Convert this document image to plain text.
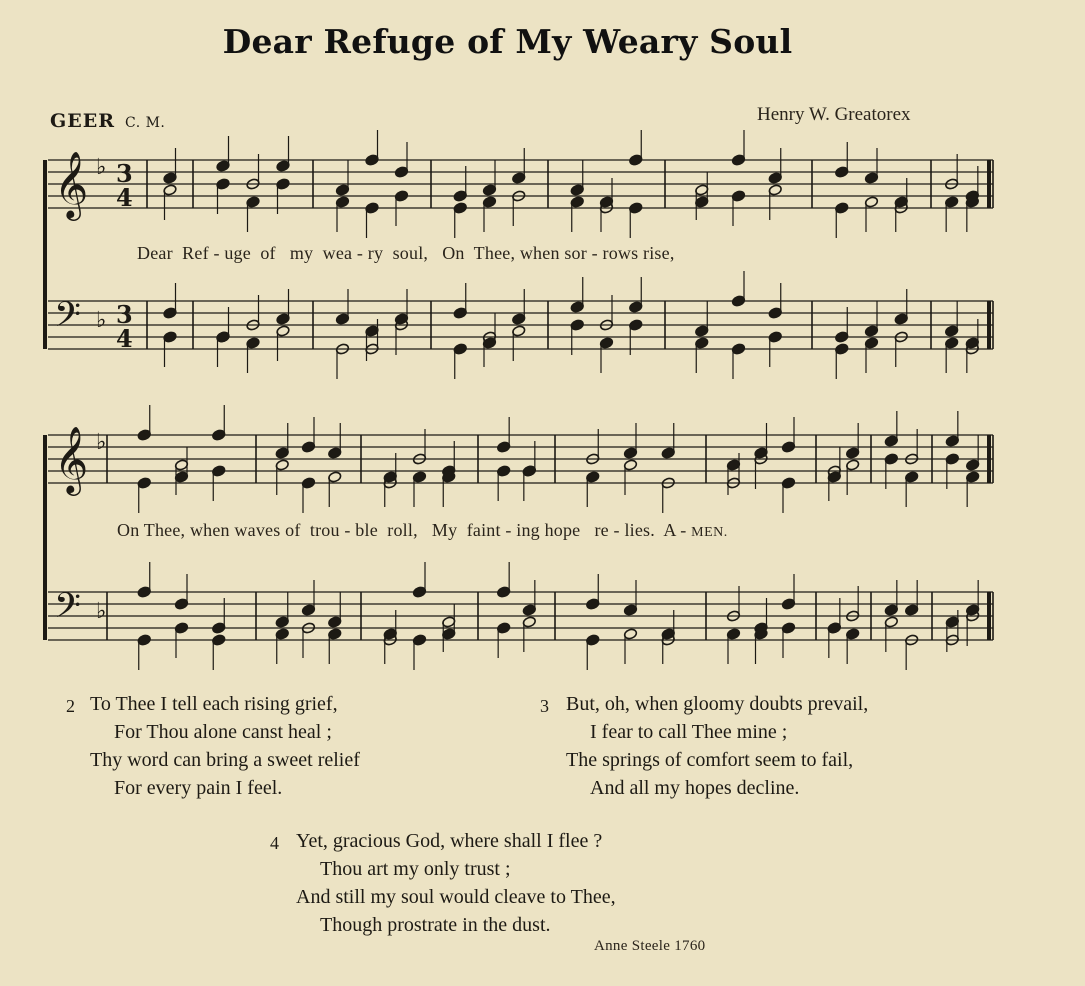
Dear Refuge of My Weary Soul
GEER C. M.	Henry W. Greatorex
𝄞 ♭ 3
4
𝄢 ♭ 3
4
𝄞 ♭
𝄢 ♭
Dear  Ref - uge  of   my  wea - ry  soul,   On  Thee, when sor - rows rise,
On Thee, when waves of  trou - ble  roll,   My  faint - ing hope   re - lies.  A - MEN.
2 To Thee I tell each rising grief,
For Thou alone canst heal ;
Thy word can bring a sweet relief
For every pain I feel.
3 But, oh, when gloomy doubts prevail,
I fear to call Thee mine ;
The springs of comfort seem to fail,
And all my hopes decline.
4 Yet, gracious God, where shall I flee ?
Thou art my only trust ;
And still my soul would cleave to Thee,
Though prostrate in the dust.
Anne Steele 1760
